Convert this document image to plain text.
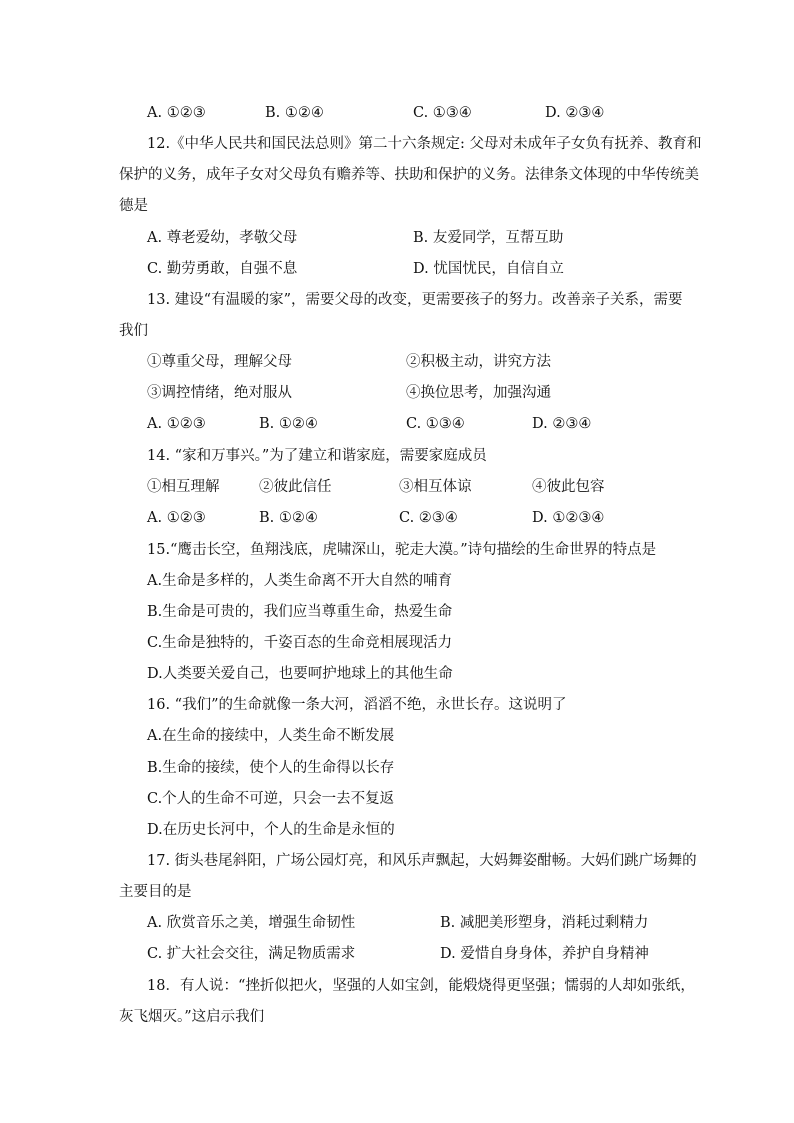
A. ①②③	B. ①②④	C. ①③④	D. ②③④
12.《中华人民共和国民法总则》第二十六条规定: 父母对未成年子女负有抚养、教育和
保护的义务，成年子女对父母负有赡养等、扶助和保护的义务。法律条文体现的中华传统美
德是
A. 尊老爱幼，孝敬父母	B. 友爱同学，互帮互助
C. 勤劳勇敢，自强不息	D. 忧国忧民，自信自立
13. 建设“有温暖的家”，需要父母的改变，更需要孩子的努力。改善亲子关系，需要
我们
①尊重父母，理解父母	②积极主动，讲究方法
③调控情绪，绝对服从	④换位思考，加强沟通
A. ①②③	B. ①②④	C. ①③④	D. ②③④
14. “家和万事兴。”为了建立和谐家庭，需要家庭成员
①相互理解	②彼此信任	③相互体谅	④彼此包容
A. ①②③	B. ①②④	C. ②③④	D. ①②③④
15.“鹰击长空，鱼翔浅底，虎啸深山，驼走大漠。”诗句描绘的生命世界的特点是
A.生命是多样的，人类生命离不开大自然的哺育
B.生命是可贵的，我们应当尊重生命，热爱生命
C.生命是独特的，千姿百态的生命竞相展现活力
D.人类要关爱自己，也要呵护地球上的其他生命
16. “我们”的生命就像一条大河，滔滔不绝，永世长存。这说明了
A.在生命的接续中，人类生命不断发展
B.生命的接续，使个人的生命得以长存
C.个人的生命不可逆，只会一去不复返
D.在历史长河中，个人的生命是永恒的
17. 街头巷尾斜阳，广场公园灯亮，和风乐声飘起，大妈舞姿酣畅。大妈们跳广场舞的
主要目的是
A. 欣赏音乐之美，增强生命韧性	B. 减肥美形塑身，消耗过剩精力
C. 扩大社会交往，满足物质需求	D. 爱惜自身身体，养护自身精神
18．有人说：“挫折似把火，坚强的人如宝剑，能煅烧得更坚强；懦弱的人却如张纸，
灰飞烟灭。”这启示我们
